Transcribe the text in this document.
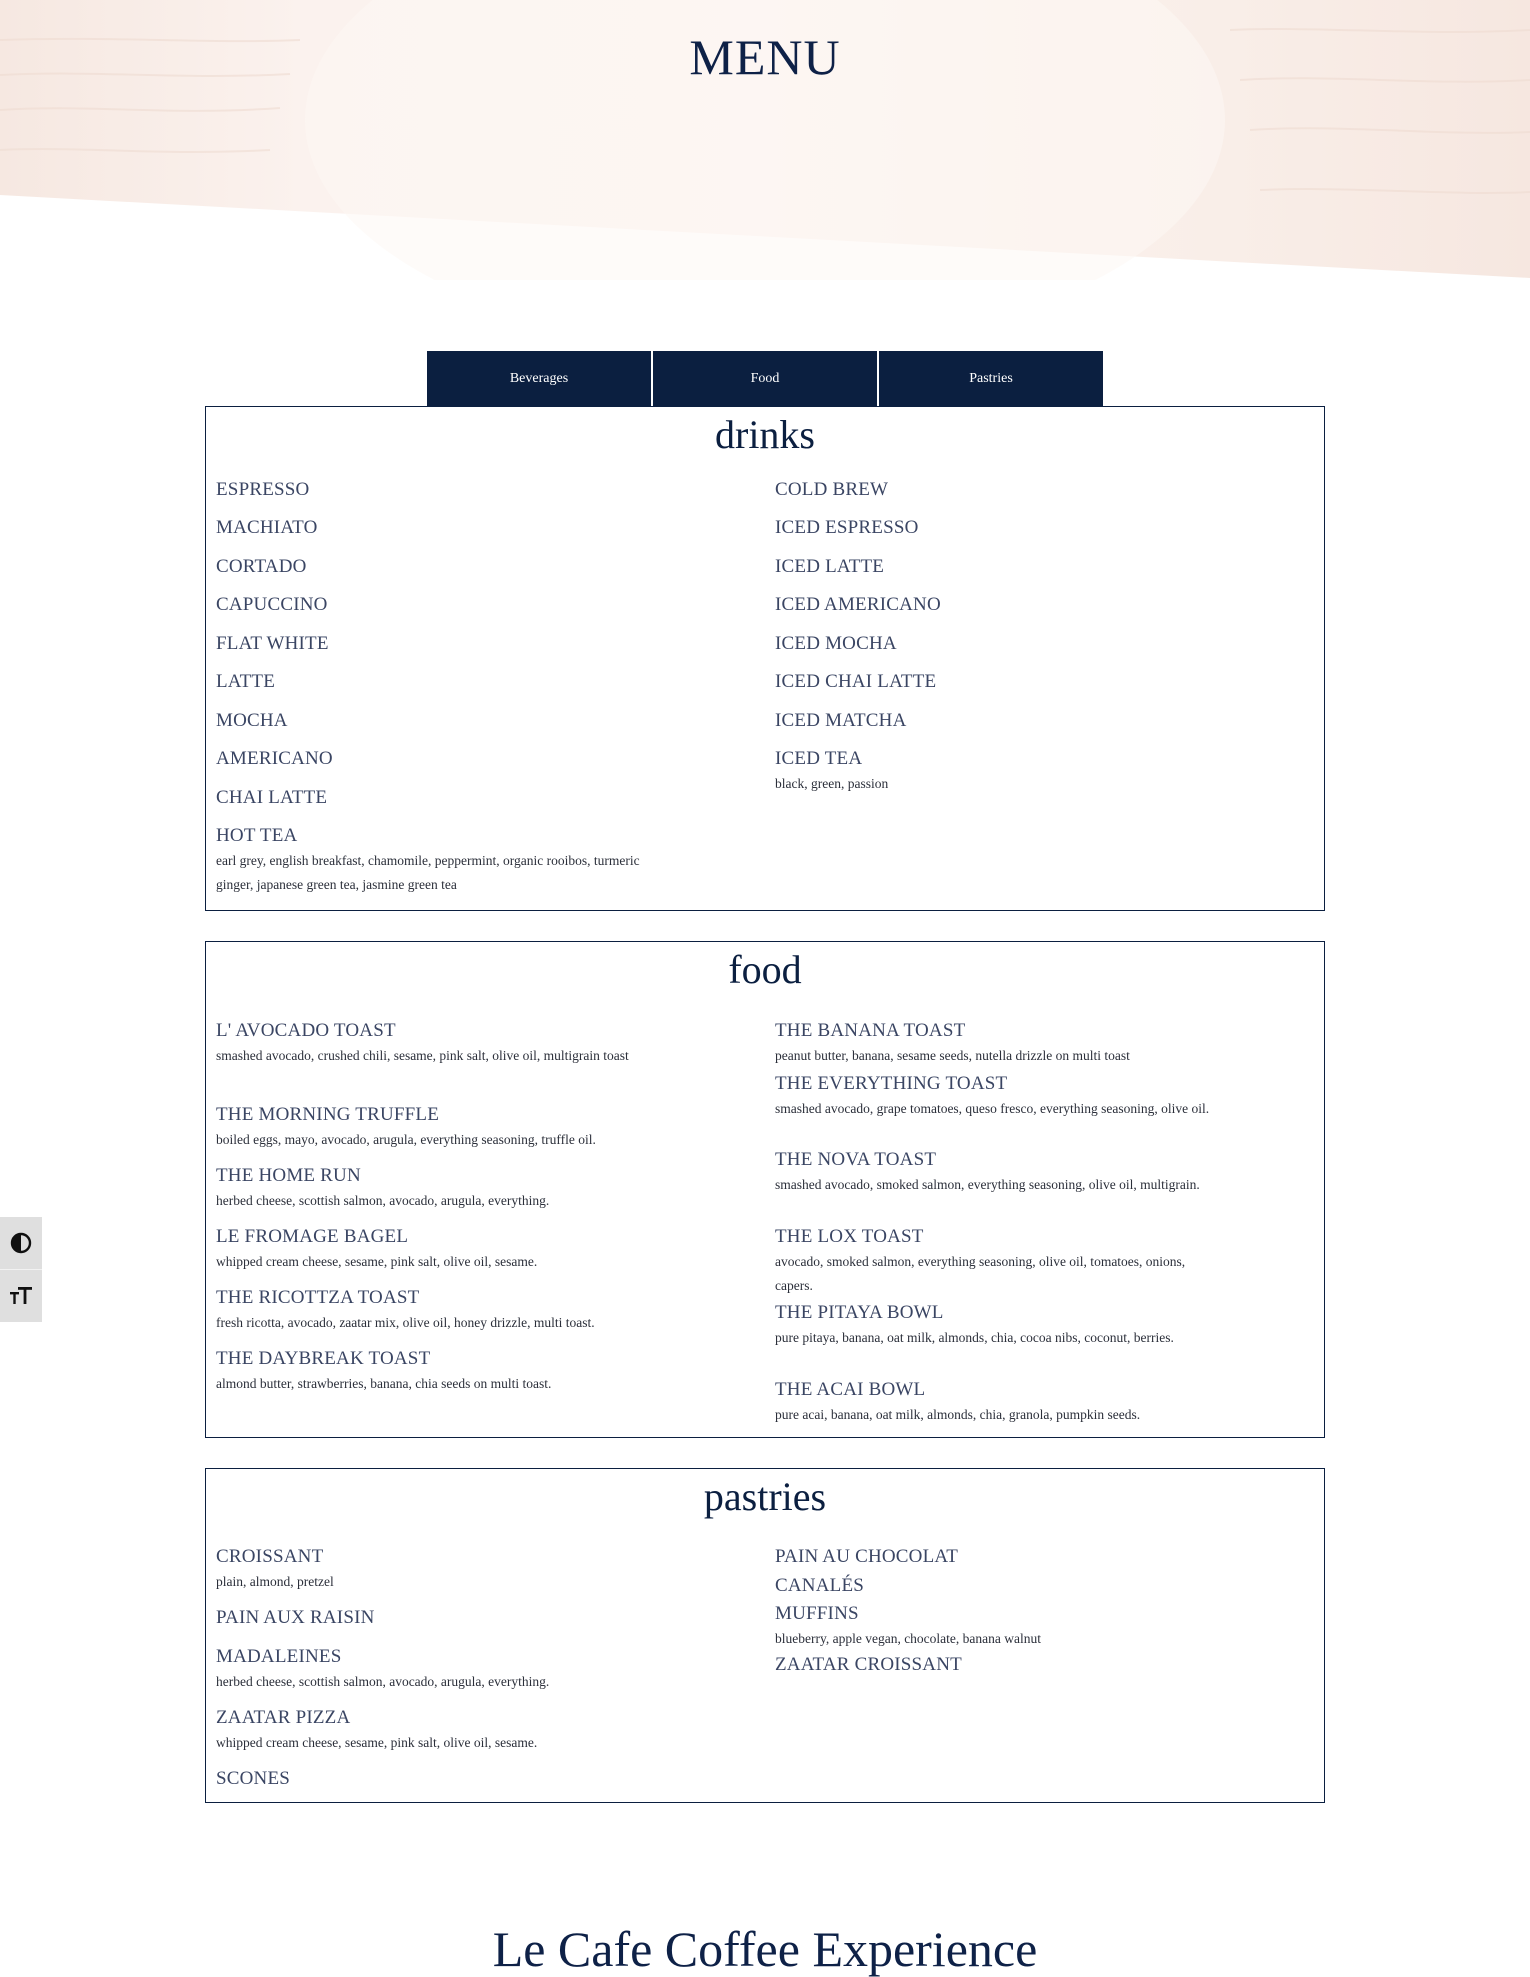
MENU
Beverages	Food	Pastries
drinks
ESPRESSO
MACHIATO
CORTADO
CAPUCCINO
FLAT WHITE
LATTE
MOCHA
AMERICANO
CHAI LATTE
HOT TEA
earl grey, english breakfast, chamomile, peppermint, organic rooibos, turmeric ginger, japanese green tea, jasmine green tea
COLD BREW
ICED ESPRESSO
ICED LATTE
ICED AMERICANO
ICED MOCHA
ICED CHAI LATTE
ICED MATCHA
ICED TEA
black, green, passion
food
L' AVOCADO TOAST
smashed avocado, crushed chili, sesame, pink salt, olive oil, multigrain toast
THE MORNING TRUFFLE
boiled eggs, mayo, avocado, arugula, everything seasoning, truffle oil.
THE HOME RUN
herbed cheese, scottish salmon, avocado, arugula, everything.
LE FROMAGE BAGEL
whipped cream cheese, sesame, pink salt, olive oil, sesame.
THE RICOTTZA TOAST
fresh ricotta, avocado, zaatar mix, olive oil, honey drizzle, multi toast.
THE DAYBREAK TOAST
almond butter, strawberries, banana, chia seeds on multi toast.
THE BANANA TOAST
peanut butter, banana, sesame seeds, nutella drizzle on multi toast
THE EVERYTHING TOAST
smashed avocado, grape tomatoes, queso fresco, everything seasoning, olive oil.
THE NOVA TOAST
smashed avocado, smoked salmon, everything seasoning, olive oil, multigrain.
THE LOX TOAST
avocado, smoked salmon, everything seasoning, olive oil, tomatoes, onions, capers.
THE PITAYA BOWL
pure pitaya, banana, oat milk, almonds, chia, cocoa nibs, coconut, berries.
THE ACAI BOWL
pure acai, banana, oat milk, almonds, chia, granola, pumpkin seeds.
pastries
CROISSANT
plain, almond, pretzel
PAIN AUX RAISIN
MADALEINES
herbed cheese, scottish salmon, avocado, arugula, everything.
ZAATAR PIZZA
whipped cream cheese, sesame, pink salt, olive oil, sesame.
SCONES
PAIN AU CHOCOLAT
CANALÉS
MUFFINS
blueberry, apple vegan, chocolate, banana walnut
ZAATAR CROISSANT
Le Cafe Coffee Experience
